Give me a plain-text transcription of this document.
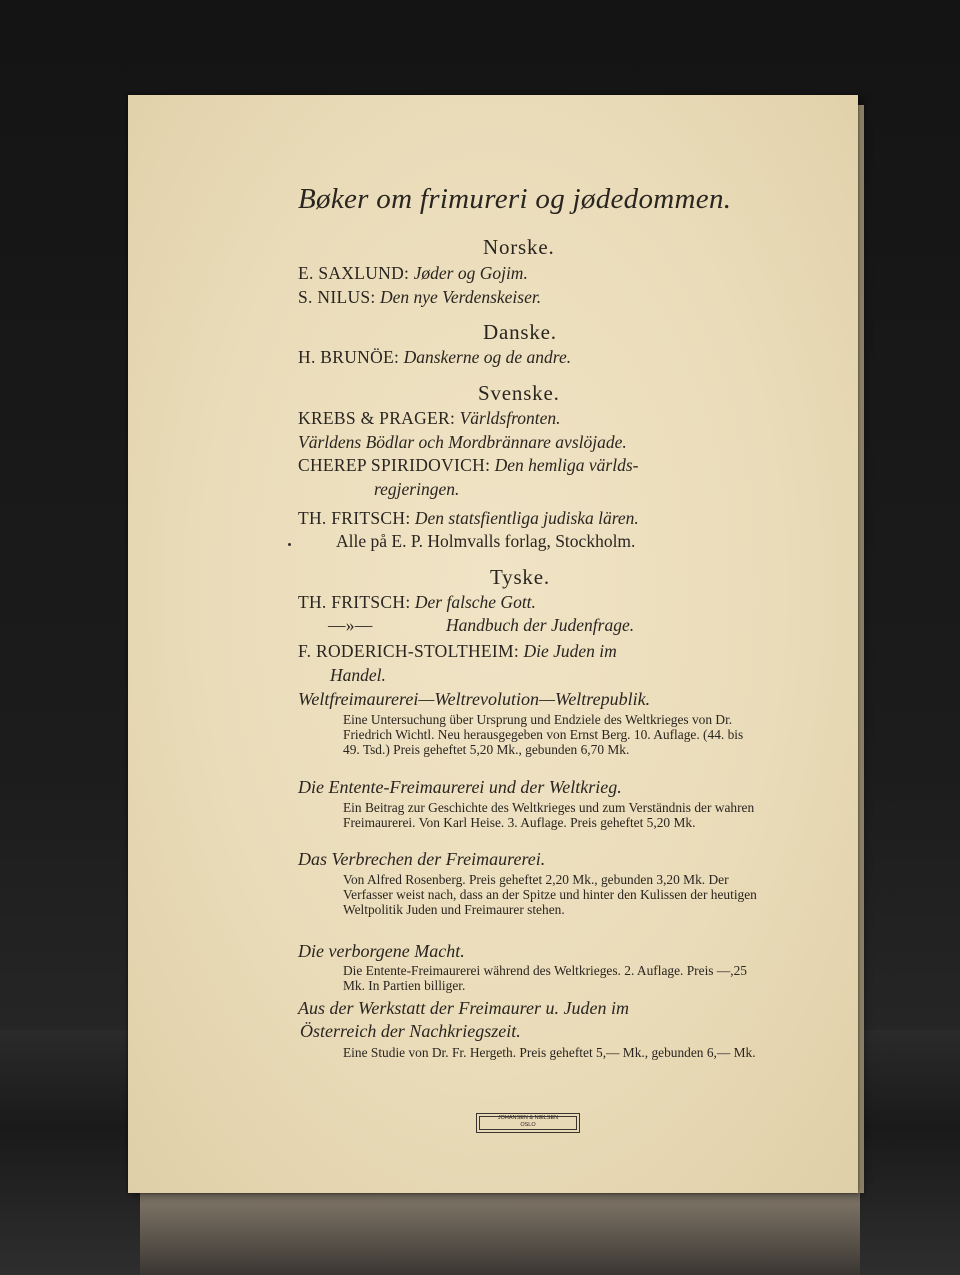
Bøker om frimureri og jødedommen.
Norske.
E. SAXLUND: Jøder og Gojim.
S. NILUS: Den nye Verdenskeiser.
Danske.
H. BRUNÖE: Danskerne og de andre.
Svenske.
KREBS & PRAGER: Världsfronten.
Världens Bödlar och Mordbrännare avslöjade.
CHEREP SPIRIDOVICH: Den hemliga världs-
regjeringen.
TH. FRITSCH: Den statsfientliga judiska lären.
Alle på E. P. Holmvalls forlag, Stockholm.
Tyske.
TH. FRITSCH: Der falsche Gott.
—»—	Handbuch der Judenfrage.
F. RODERICH-STOLTHEIM: Die Juden im
Handel.
Weltfreimaurerei—Weltrevolution—Weltrepublik.
Eine Untersuchung über Ursprung und Endziele des Weltkrieges von Dr. Friedrich Wichtl. Neu herausgegeben von Ernst Berg. 10. Auflage. (44. bis 49. Tsd.) Preis geheftet 5,20 Mk., gebunden 6,70 Mk.
Die Entente-Freimaurerei und der Weltkrieg.
Ein Beitrag zur Geschichte des Weltkrieges und zum Verständnis der wahren Freimaurerei. Von Karl Heise. 3. Auflage. Preis geheftet 5,20 Mk.
Das Verbrechen der Freimaurerei.
Von Alfred Rosenberg. Preis geheftet 2,20 Mk., gebunden 3,20 Mk. Der Verfasser weist nach, dass an der Spitze und hinter den Kulissen der heutigen Weltpolitik Juden und Freimaurer stehen.
Die verborgene Macht.
Die Entente-Freimaurerei während des Weltkrieges. 2. Auflage. Preis —,25 Mk. In Partien billiger.
Aus der Werkstatt der Freimaurer u. Juden im
Österreich der Nachkriegszeit.
Eine Studie von Dr. Fr. Hergeth. Preis geheftet 5,— Mk., gebunden 6,— Mk.
JOHANSEN & NIELSEN
OSLO
